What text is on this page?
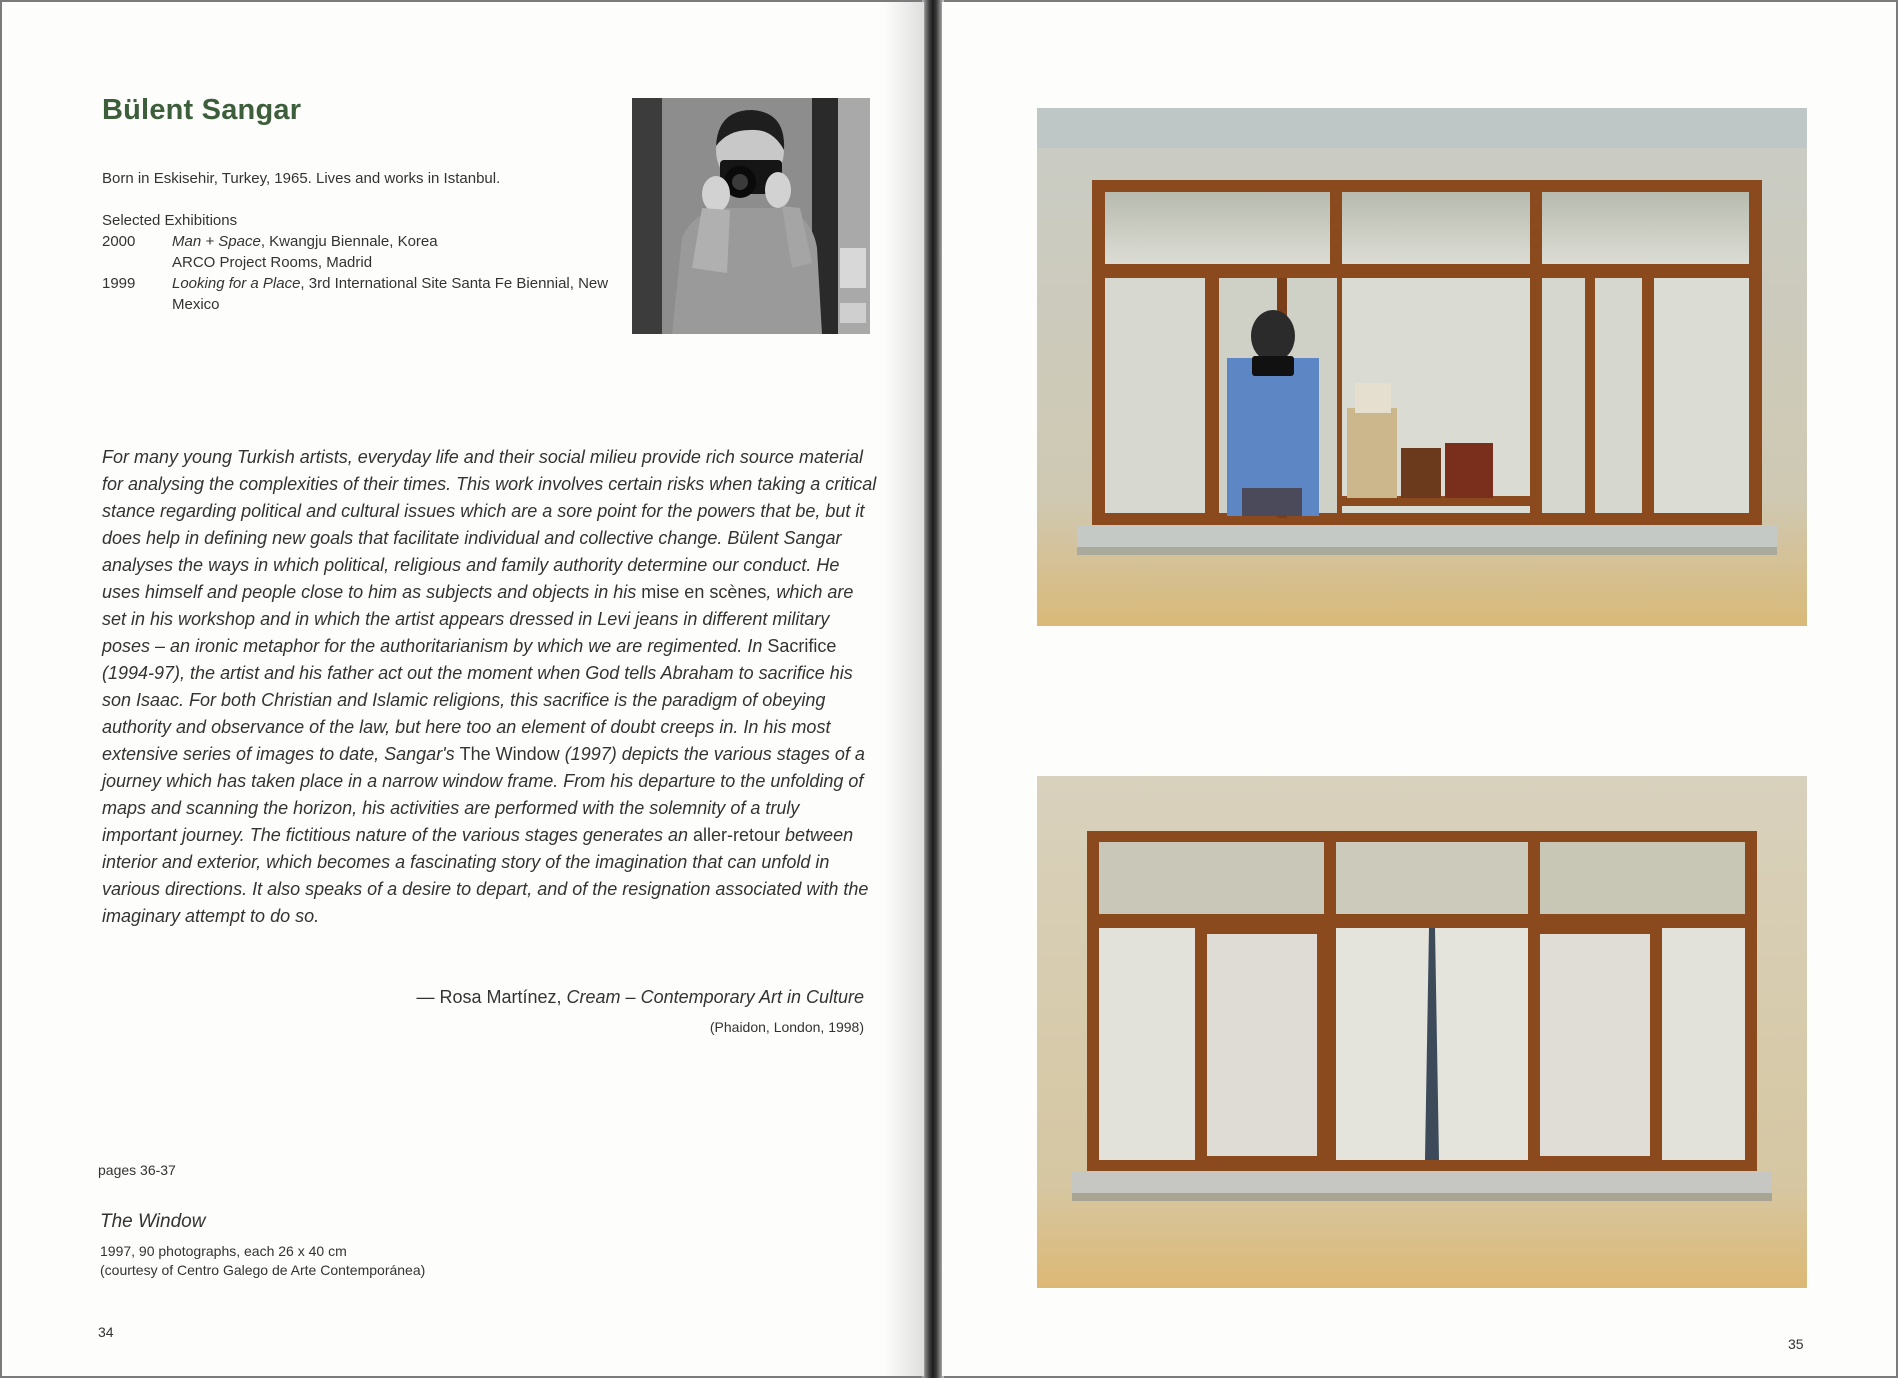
Bülent Sangar

Born in Eskisehir, Turkey, 1965. Lives and works in Istanbul.

Selected Exhibitions

2000	Man + Space, Kwangju Biennale, Korea
ARCO Project Rooms, Madrid
1999	Looking for a Place, 3rd International Site Santa Fe Biennial, New Mexico

For many young Turkish artists, everyday life and their social milieu provide rich source material for analysing the complexities of their times. This work involves certain risks when taking a critical stance regarding political and cultural issues which are a sore point for the powers that be, but it does help in defining new goals that facilitate individual and collective change. Bülent Sangar analyses the ways in which political, religious and family authority determine our conduct. He uses himself and people close to him as subjects and objects in his mise en scènes, which are set in his workshop and in which the artist appears dressed in Levi jeans in different military poses – an ironic metaphor for the authoritarianism by which we are regimented. In Sacrifice (1994-97), the artist and his father act out the moment when God tells Abraham to sacrifice his son Isaac. For both Christian and Islamic religions, this sacrifice is the paradigm of obeying authority and observance of the law, but here too an element of doubt creeps in. In his most extensive series of images to date, Sangar's The Window (1997) depicts the various stages of a journey which has taken place in a narrow window frame. From his departure to the unfolding of maps and scanning the horizon, his activities are performed with the solemnity of a truly important journey. The fictitious nature of the various stages generates an aller-retour between interior and exterior, which becomes a fascinating story of the imagination that can unfold in various directions. It also speaks of a desire to depart, and of the resignation associated with the imaginary attempt to do so.

— Rosa Martínez, Cream – Contemporary Art in Culture

(Phaidon, London, 1998)

pages 36-37

The Window

1997, 90 photographs, each 26 x 40 cm
(courtesy of Centro Galego de Arte Contemporánea)
34
35
